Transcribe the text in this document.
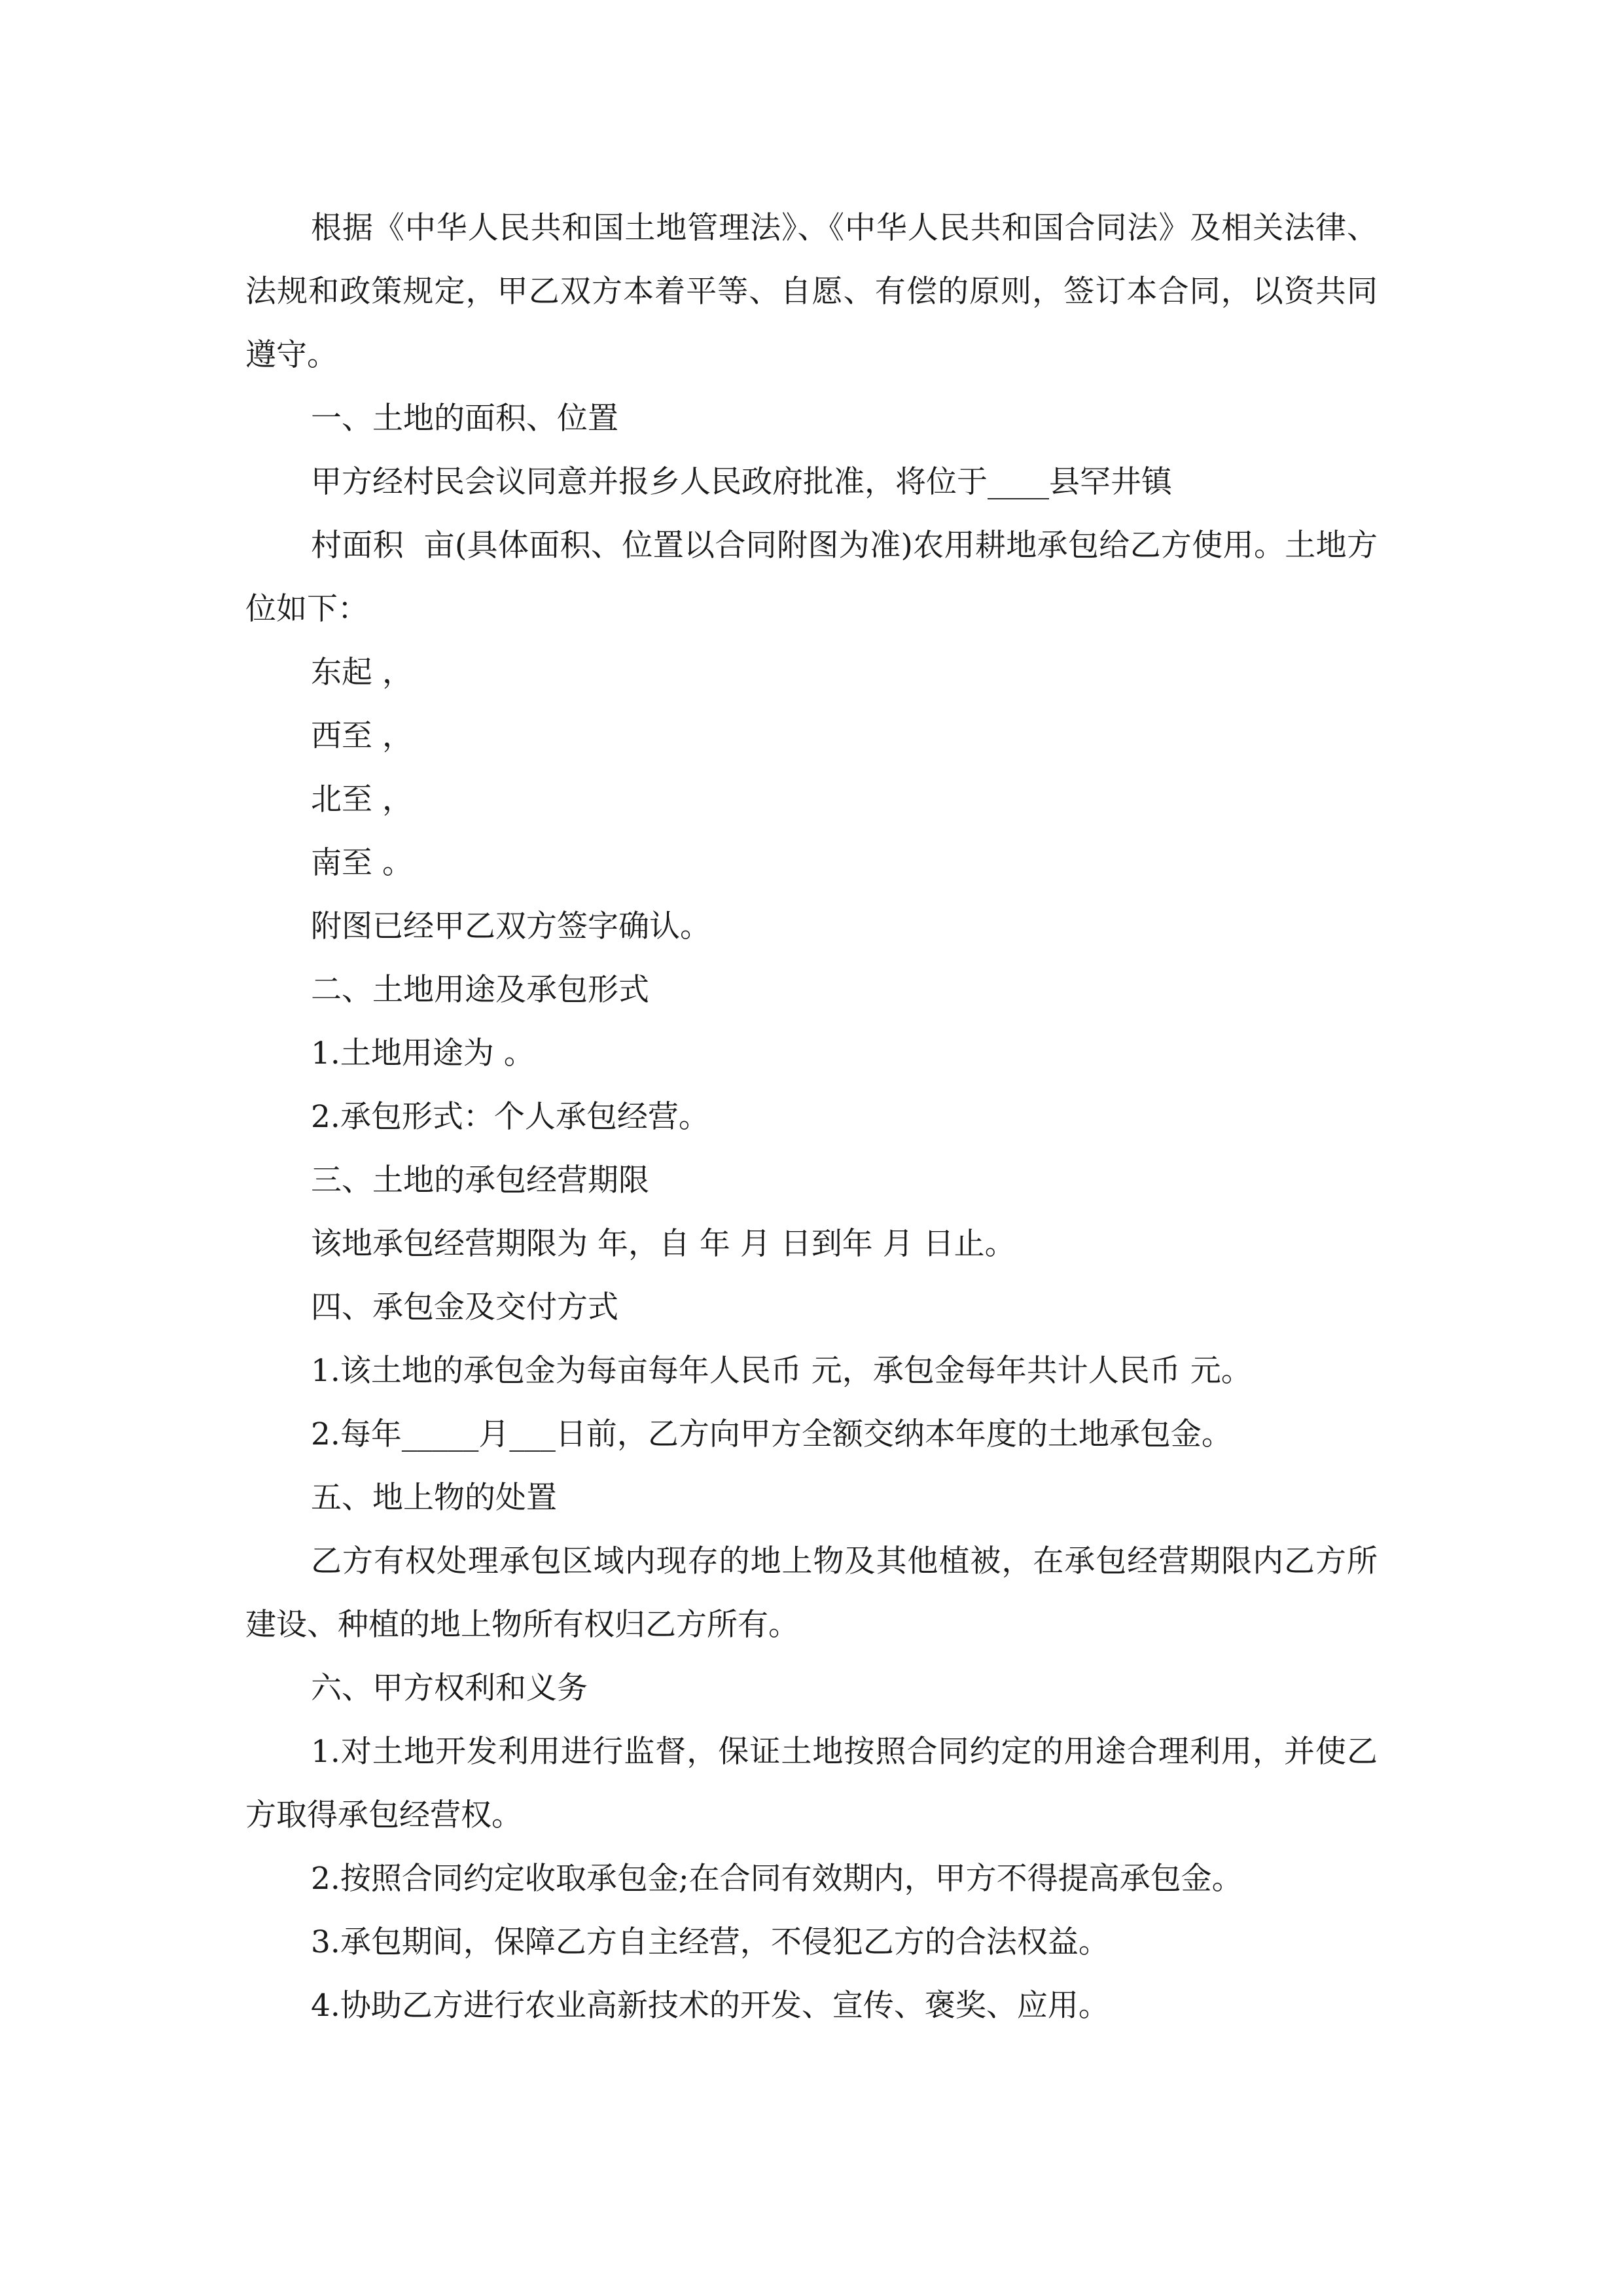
根据《中华人民共和国土地管理法》、《中华人民共和国合同法》及相关法律、法规和政策规定，甲乙双方本着平等、自愿、有偿的原则，签订本合同，以资共同遵守。

一、土地的面积、位置

甲方经村民会议同意并报乡人民政府批准，将位于____县罕井镇

村面积  亩(具体面积、位置以合同附图为准)农用耕地承包给乙方使用。土地方位如下：

东起 ，

西至 ，

北至 ，

南至 。

附图已经甲乙双方签字确认。

二、土地用途及承包形式

1.土地用途为 。

2.承包形式：个人承包经营。

三、土地的承包经营期限

该地承包经营期限为 年，自 年 月 日到年 月 日止。

四、承包金及交付方式

1.该土地的承包金为每亩每年人民币 元，承包金每年共计人民币 元。

2.每年_____月___日前，乙方向甲方全额交纳本年度的土地承包金。

五、地上物的处置

乙方有权处理承包区域内现存的地上物及其他植被，在承包经营期限内乙方所建设、种植的地上物所有权归乙方所有。

六、甲方权利和义务

1.对土地开发利用进行监督，保证土地按照合同约定的用途合理利用，并使乙方取得承包经营权。

2.按照合同约定收取承包金;在合同有效期内，甲方不得提高承包金。

3.承包期间，保障乙方自主经营，不侵犯乙方的合法权益。

4.协助乙方进行农业高新技术的开发、宣传、褒奖、应用。
